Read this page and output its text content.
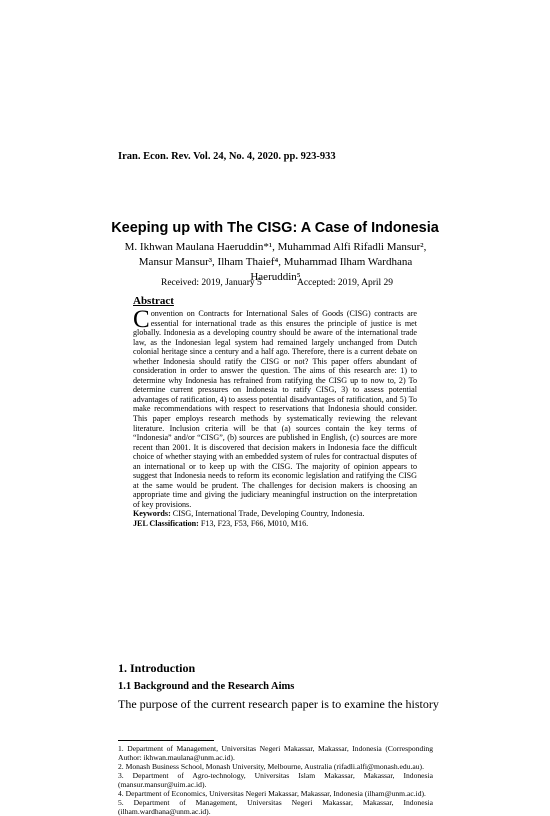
Iran. Econ. Rev. Vol. 24, No. 4, 2020. pp. 923-933
Keeping up with The CISG: A Case of Indonesia
M. Ikhwan Maulana Haeruddin*¹, Muhammad Alfi Rifadli Mansur²,
Mansur Mansur³, Ilham Thaief⁴, Muhammad Ilham Wardhana Haeruddin⁵
Received: 2019, January 5	Accepted: 2019, April 29
Abstract
C onvention on Contracts for International Sales of Goods (CISG) contracts are essential for international trade as this ensures the principle of justice is met globally. Indonesia as a developing country should be aware of the international trade law, as the Indonesian legal system had remained largely unchanged from Dutch colonial heritage since a century and a half ago. Therefore, there is a current debate on whether Indonesia should ratify the CISG or not? This paper offers abundant of consideration in order to answer the question. The aims of this research are: 1) to determine why Indonesia has refrained from ratifying the CISG up to now to, 2) To determine current pressures on Indonesia to ratify CISG, 3) to assess potential advantages of ratification, 4) to assess potential disadvantages of ratification, and 5) To make recommendations with respect to reservations that Indonesia should consider. This paper employs research methods by systematically reviewing the relevant literature. Inclusion criteria will be that (a) sources contain the key terms of “Indonesia” and/or “CISG”, (b) sources are published in English, (c) sources are more recent than 2001. It is discovered that decision makers in Indonesia face the difficult choice of whether staying with an embedded system of rules for contractual disputes of an international or to keep up with the CISG. The majority of opinion appears to suggest that Indonesia needs to reform its economic legislation and ratifying the CISG at the same would be prudent. The challenges for decision makers is choosing an appropriate time and giving the judiciary meaningful instruction on the interpretation of key provisions.
Keywords: CISG, International Trade, Developing Country, Indonesia.
JEL Classification: F13, F23, F53, F66, M010, M16.
1. Introduction
1.1 Background and the Research Aims
The purpose of the current research paper is to examine the history
1. Department of Management, Universitas Negeri Makassar, Makassar, Indonesia (Corresponding Author: ikhwan.maulana@unm.ac.id).
2. Monash Business School, Monash University, Melbourne, Australia (rifadli.alfi@monash.edu.au).
3. Department of Agro-technology, Universitas Islam Makassar, Makassar, Indonesia (mansur.mansur@uim.ac.id).
4. Department of Economics, Universitas Negeri Makassar, Makassar, Indonesia (ilham@unm.ac.id).
5. Department of Management, Universitas Negeri Makassar, Makassar, Indonesia (ilham.wardhana@unm.ac.id).
